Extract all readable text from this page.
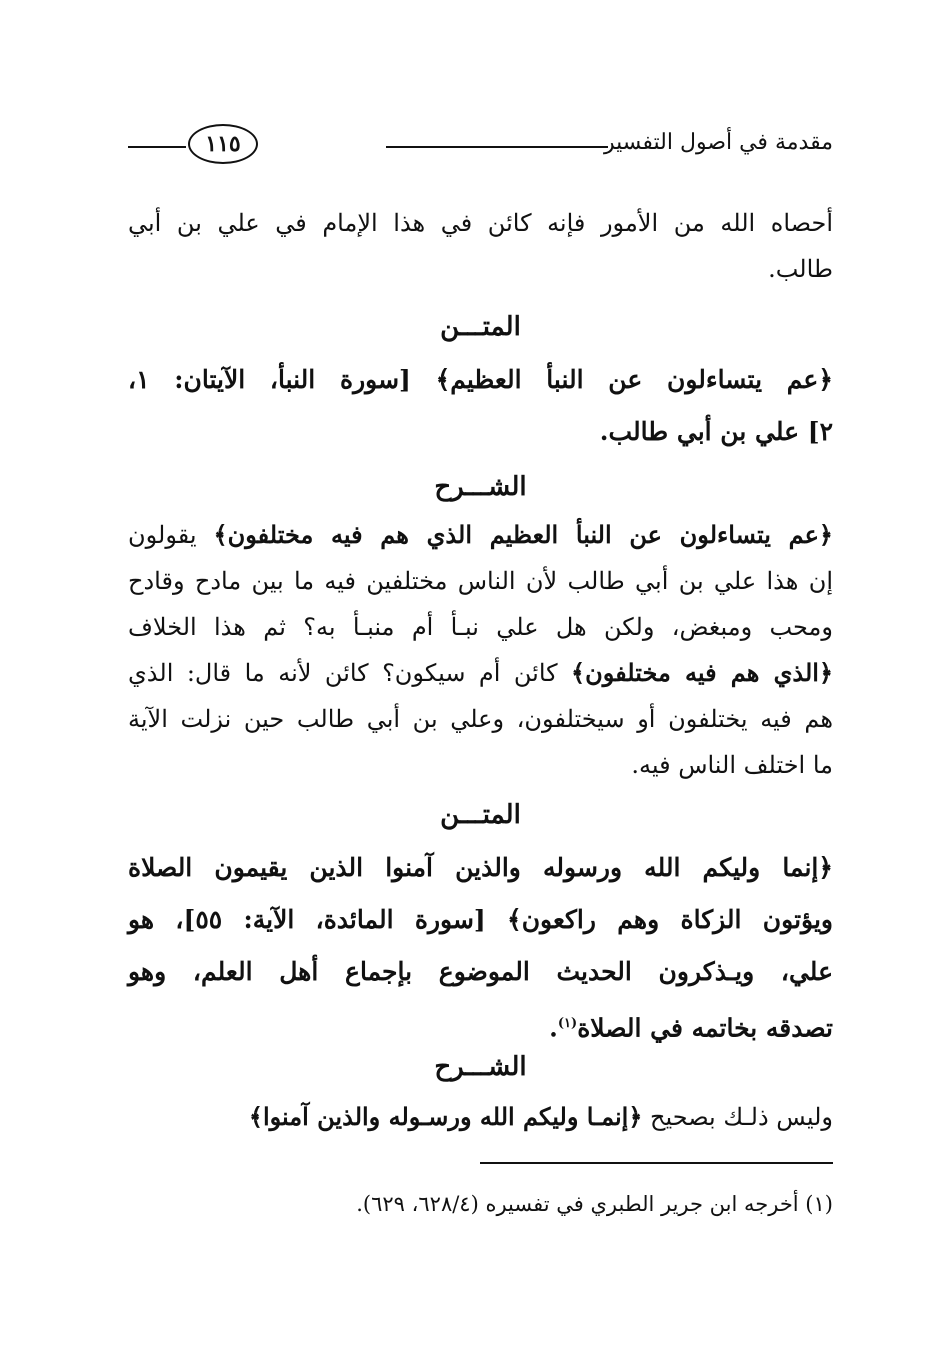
مقدمة في أصول التفسير
١١٥
أحصاه الله من الأمور فإنه كائن في هذا الإمام في علي بن أبي
طالب.
المتـــن
﴿عم يتساءلون عن النبأ العظيم﴾ [سورة النبأ، الآيتان: ١،
٢] علي بن أبي طالب.
الشـــرح
﴿عم يتساءلون عن النبأ العظيم الذي هم فيه مختلفون﴾ يقولون
إن هذا علي بن أبي طالب لأن الناس مختلفين فيه ما بين مادح وقادح
ومحب ومبغض، ولكن هل علي نبـأ أم منبـأ به؟ ثم هذا الخلاف
﴿الذي هم فيه مختلفون﴾ كائن أم سيكون؟ كائن لأنه ما قال: الذي
هم فيه يختلفون أو سيختلفون، وعلي بن أبي طالب حين نزلت الآية
ما اختلف الناس فيه.
المتـــن
﴿إنما وليكم الله ورسوله والذين آمنوا الذين يقيمون الصلاة
ويؤتون الزكاة وهم راكعون﴾ [سورة المائدة، الآية: ٥٥]، هو
علي، ويـذكرون الحديث الموضوع بإجماع أهل العلم، وهو
تصدقه بخاتمه في الصلاة$^{(١)}$.
الشـــرح
وليس ذلـك بصحيح ﴿إنمـا وليكم الله ورسـوله والذين آمنوا﴾
(١) أخرجه ابن جرير الطبري في تفسيره (٦٢٨/٤، ٦٢٩).
